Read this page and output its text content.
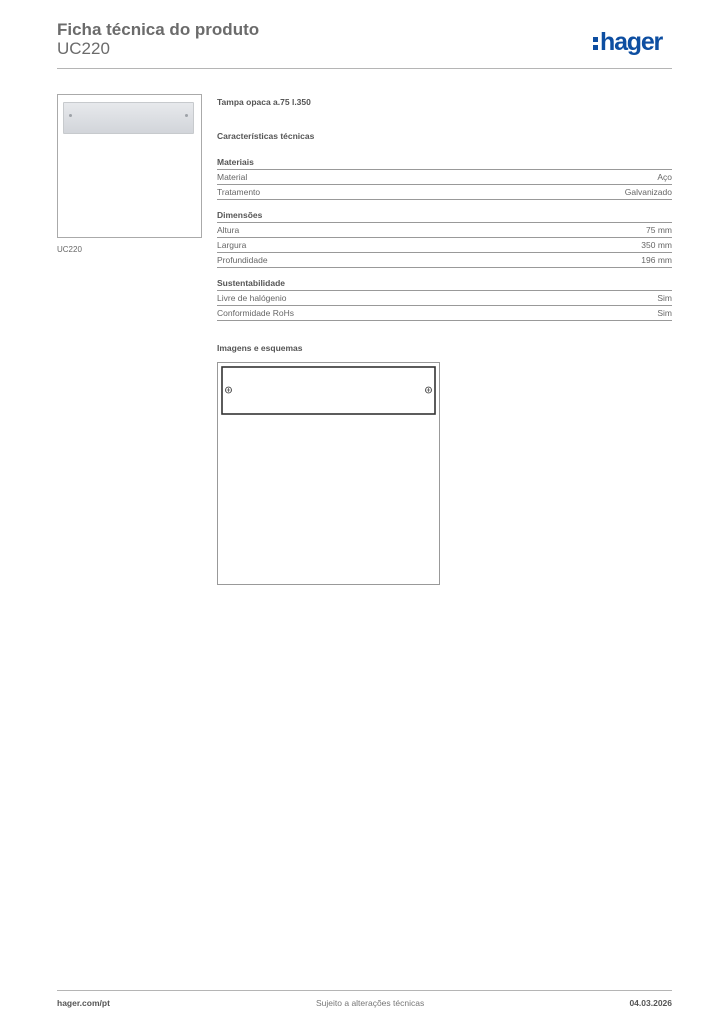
Ficha técnica do produto
UC220	hager
UC220
Tampa opaca a.75 l.350
Características técnicas
Materiais
Material	Aço
Tratamento	Galvanizado
Dimensões
Altura	75 mm
Largura	350 mm
Profundidade	196 mm
Sustentabilidade
Livre de halógenio	Sim
Conformidade RoHs	Sim
Imagens e esquemas
hager.com/pt	Sujeito a alterações técnicas	04.03.2026
